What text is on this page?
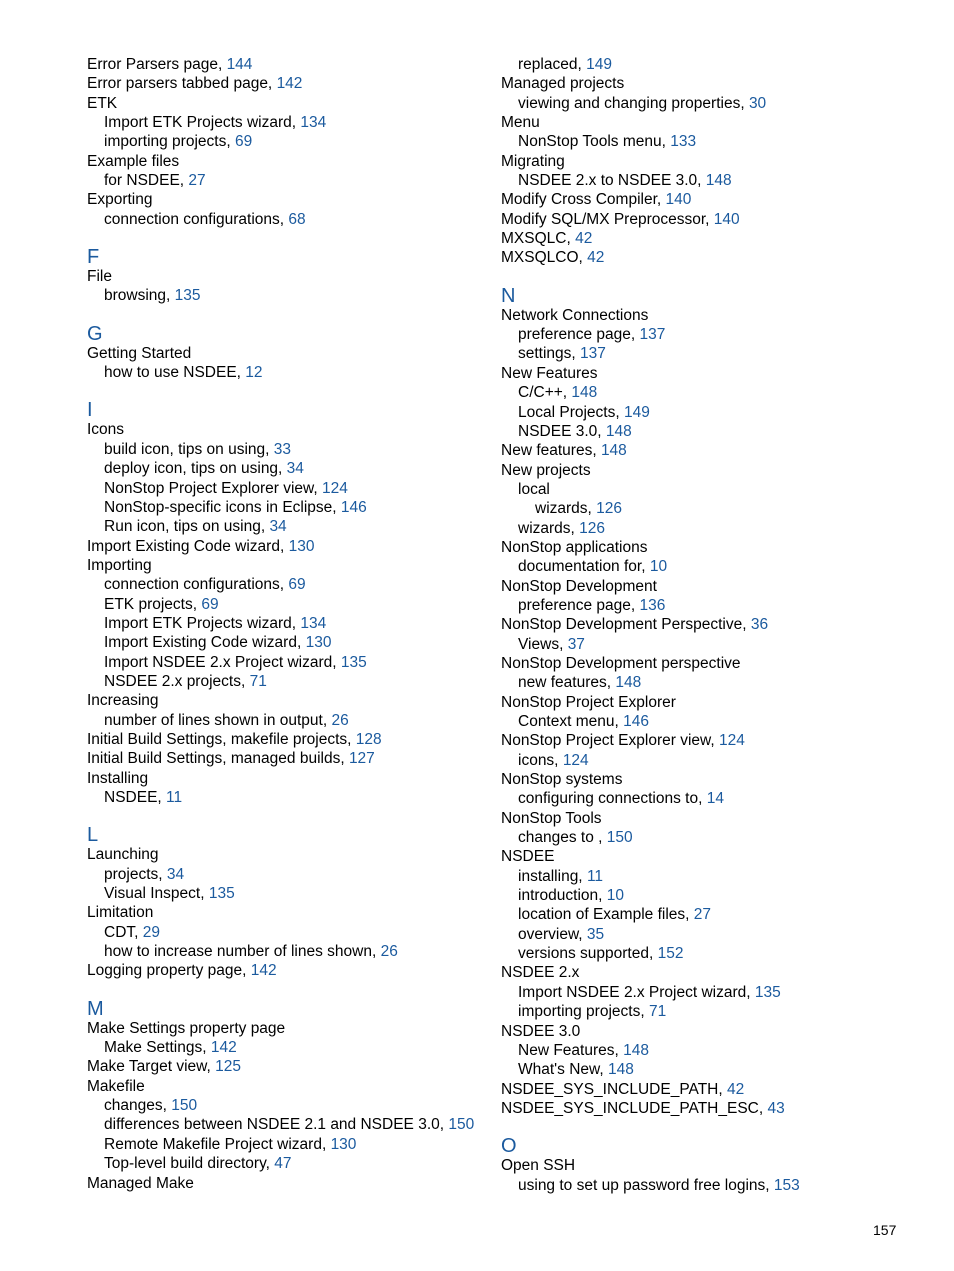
Error Parsers page, 144
Error parsers tabbed page, 142
ETK
Import ETK Projects wizard, 134
importing projects, 69
Example files
for NSDEE, 27
Exporting
connection configurations, 68
F
File
browsing, 135
G
Getting Started
how to use NSDEE, 12
I
Icons
build icon, tips on using, 33
deploy icon, tips on using, 34
NonStop Project Explorer view, 124
NonStop-specific icons in Eclipse, 146
Run icon, tips on using, 34
Import Existing Code wizard, 130
Importing
connection configurations, 69
ETK projects, 69
Import ETK Projects wizard, 134
Import Existing Code wizard, 130
Import NSDEE 2.x Project wizard, 135
NSDEE 2.x projects, 71
Increasing
number of lines shown in output, 26
Initial Build Settings, makefile projects, 128
Initial Build Settings, managed builds, 127
Installing
NSDEE, 11
L
Launching
projects, 34
Visual Inspect, 135
Limitation
CDT, 29
how to increase number of lines shown, 26
Logging property page, 142
M
Make Settings property page
Make Settings, 142
Make Target view, 125
Makefile
changes, 150
differences between NSDEE 2.1 and NSDEE 3.0, 150
Remote Makefile Project wizard, 130
Top-level build directory, 47
Managed Make
replaced, 149
Managed projects
viewing and changing properties, 30
Menu
NonStop Tools menu, 133
Migrating
NSDEE 2.x to NSDEE 3.0, 148
Modify Cross Compiler, 140
Modify SQL/MX Preprocessor, 140
MXSQLC, 42
MXSQLCO, 42
N
Network Connections
preference page, 137
settings, 137
New Features
C/C++, 148
Local Projects, 149
NSDEE 3.0, 148
New features, 148
New projects
local
wizards, 126
wizards, 126
NonStop applications
documentation for, 10
NonStop Development
preference page, 136
NonStop Development Perspective, 36
Views, 37
NonStop Development perspective
new features, 148
NonStop Project Explorer
Context menu, 146
NonStop Project Explorer view, 124
icons, 124
NonStop systems
configuring connections to, 14
NonStop Tools
changes to , 150
NSDEE
installing, 11
introduction, 10
location of Example files, 27
overview, 35
versions supported, 152
NSDEE 2.x
Import NSDEE 2.x Project wizard, 135
importing projects, 71
NSDEE 3.0
New Features, 148
What's New, 148
NSDEE_SYS_INCLUDE_PATH, 42
NSDEE_SYS_INCLUDE_PATH_ESC, 43
O
Open SSH
using to set up password free logins, 153
157
